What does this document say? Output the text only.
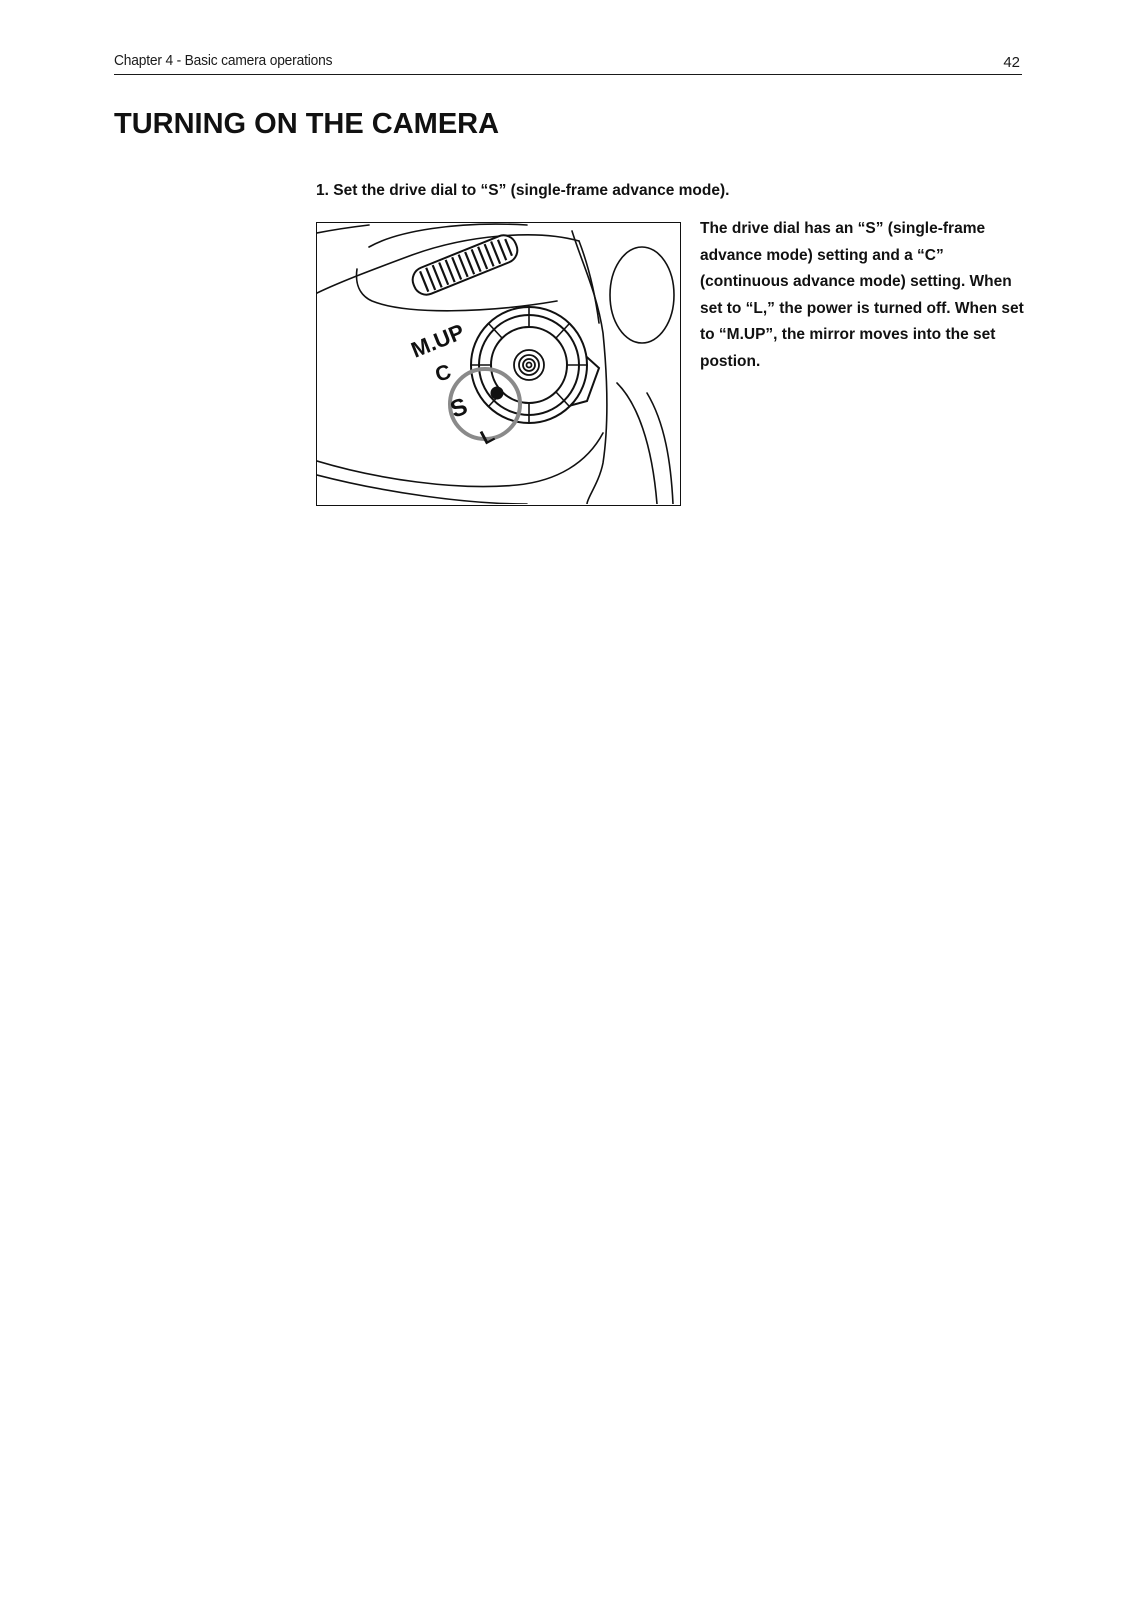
Chapter 4 - Basic camera operations	42
TURNING ON THE CAMERA

1. Set the drive dial to “S” (single-frame advance mode).

M.UP
C
S
L

The drive dial has an “S” (single-frame advance mode) setting and a “C” (continuous advance mode) setting. When set to “L,” the power is turned off. When set to “M.UP”, the mirror moves into the set postion.
